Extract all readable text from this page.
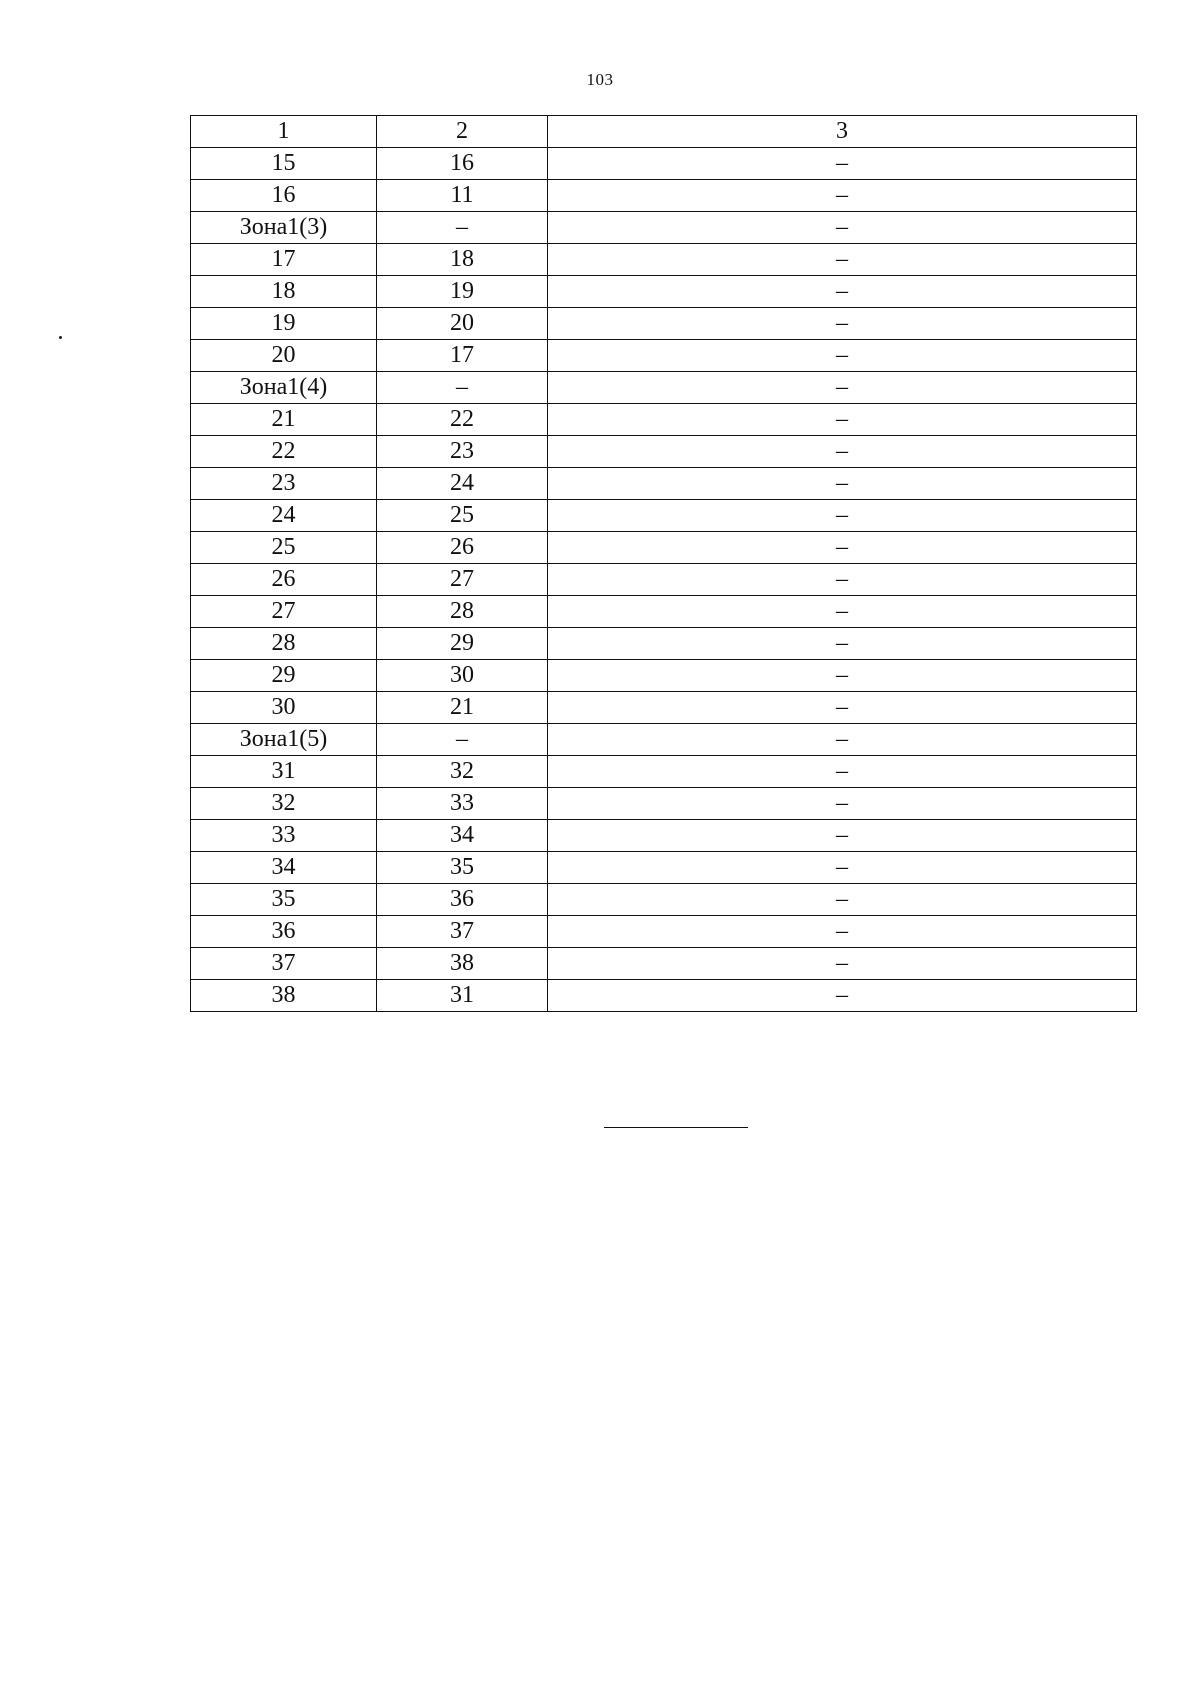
103
1	2	3
15	16	–
16	11	–
Зона1(3)	–	–
17	18	–
18	19	–
19	20	–
20	17	–
Зона1(4)	–	–
21	22	–
22	23	–
23	24	–
24	25	–
25	26	–
26	27	–
27	28	–
28	29	–
29	30	–
30	21	–
Зона1(5)	–	–
31	32	–
32	33	–
33	34	–
34	35	–
35	36	–
36	37	–
37	38	–
38	31	–
